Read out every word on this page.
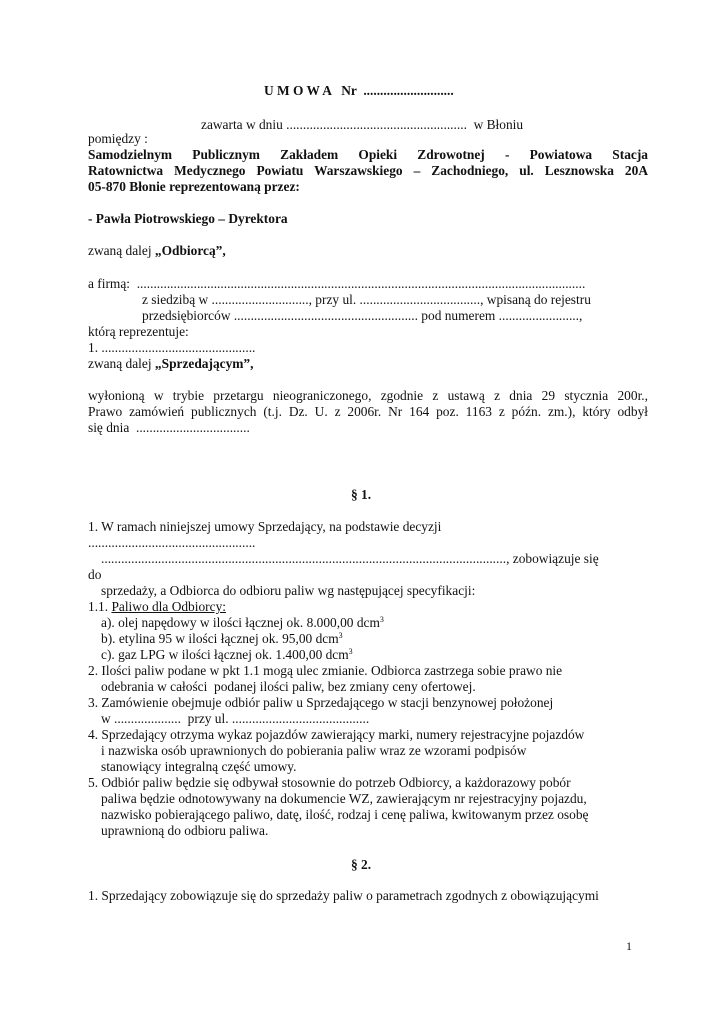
U M O W A   Nr  ...........................
zawarta w dniu ......................................................  w Błoniu
pomiędzy :
Samodzielnym Publicznym Zakładem Opieki Zdrowotnej - Powiatowa Stacja
Ratownictwa Medycznego Powiatu Warszawskiego – Zachodniego, ul. Lesznowska 20A
05-870 Błonie reprezentowaną przez:
- Pawła Piotrowskiego – Dyrektora
zwaną dalej „Odbiorcą”,
a firmą:  ......................................................................................................................................
z siedzibą w ............................., przy ul. ...................................., wpisaną do rejestru
przedsiębiorców ....................................................... pod numerem ........................,
którą reprezentuje:
1. ..............................................
zwaną dalej „Sprzedającym”,
wyłonioną w trybie przetargu nieograniczonego, zgodnie z ustawą z dnia 29 stycznia 200r.,
Prawo zamówień publicznych (t.j. Dz. U. z 2006r. Nr 164 poz. 1163 z późn. zm.), który odbył
się dnia  ..................................
§ 1.
1. W ramach niniejszej umowy Sprzedający, na podstawie decyzji
..................................................
........................................................................................................................., zobowiązuje się
do
sprzedaży, a Odbiorca do odbioru paliw wg następującej specyfikacji:
1.1. Paliwo dla Odbiorcy:
a). olej napędowy w ilości łącznej ok. 8.000,00 dcm$^3$
b). etylina 95 w ilości łącznej ok. 95,00 dcm$^3$
c). gaz LPG w ilości łącznej ok. 1.400,00 dcm$^3$
2. Ilości paliw podane w pkt 1.1 mogą ulec zmianie. Odbiorca zastrzega sobie prawo nie
odebrania w całości  podanej ilości paliw, bez zmiany ceny ofertowej.
3. Zamówienie obejmuje odbiór paliw u Sprzedającego w stacji benzynowej położonej
w ....................  przy ul. .........................................
4. Sprzedający otrzyma wykaz pojazdów zawierający marki, numery rejestracyjne pojazdów
i nazwiska osób uprawnionych do pobierania paliw wraz ze wzorami podpisów
stanowiący integralną część umowy.
5. Odbiór paliw będzie się odbywał stosownie do potrzeb Odbiorcy, a każdorazowy pobór
paliwa będzie odnotowywany na dokumencie WZ, zawierającym nr rejestracyjny pojazdu,
nazwisko pobierającego paliwo, datę, ilość, rodzaj i cenę paliwa, kwitowanym przez osobę
uprawnioną do odbioru paliwa.
§ 2.
1. Sprzedający zobowiązuje się do sprzedaży paliw o parametrach zgodnych z obowiązującymi
1
